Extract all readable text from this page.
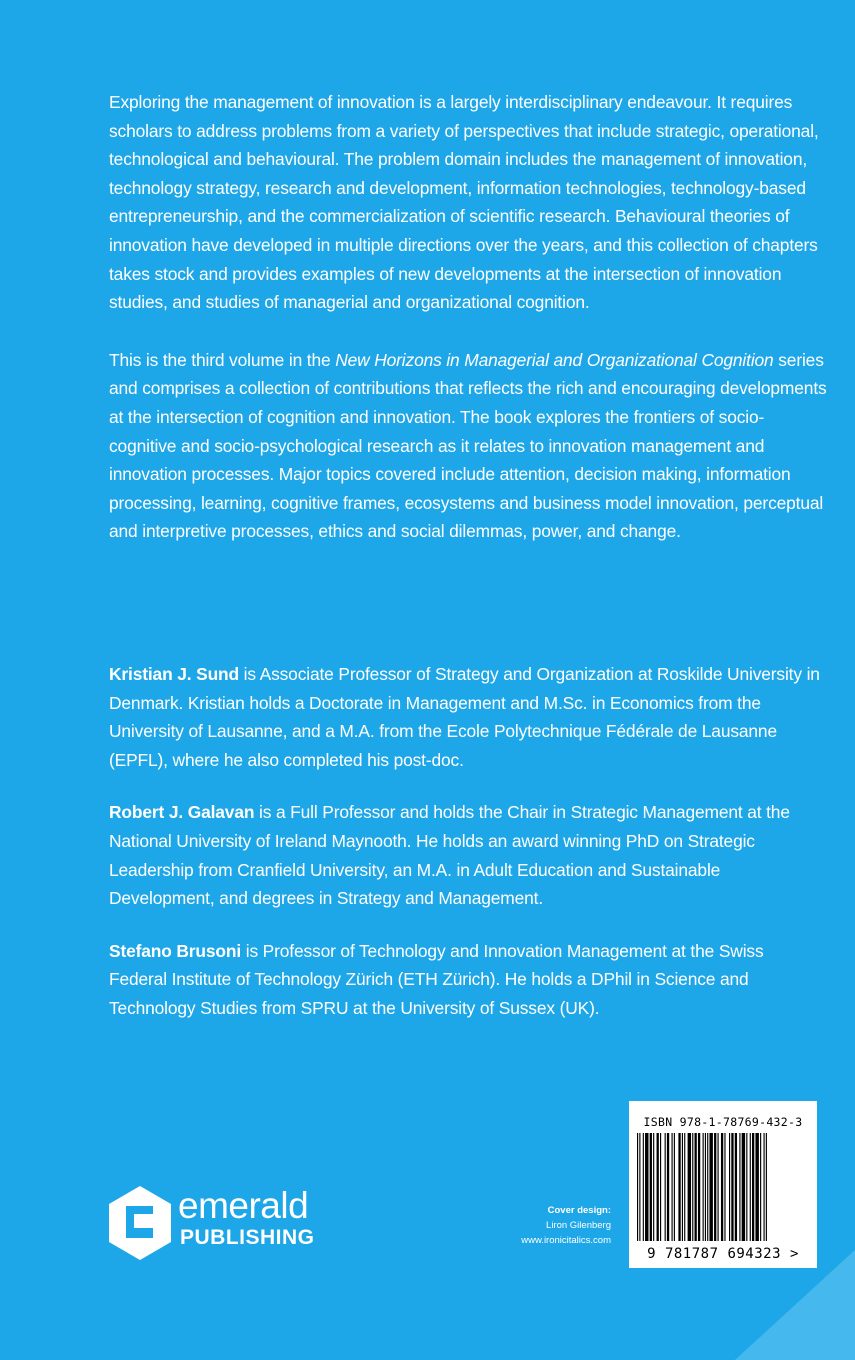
Exploring the management of innovation is a largely interdisciplinary endeavour. It requires scholars to address problems from a variety of perspectives that include strategic, operational, technological and behavioural. The problem domain includes the management of innovation, technology strategy, research and development, information technologies, technology-based entrepreneurship, and the commercialization of scientific research. Behavioural theories of innovation have developed in multiple directions over the years, and this collection of chapters takes stock and provides examples of new developments at the intersection of innovation studies, and studies of managerial and organizational cognition.

This is the third volume in the New Horizons in Managerial and Organizational Cognition series and comprises a collection of contributions that reflects the rich and encouraging developments at the intersection of cognition and innovation. The book explores the frontiers of socio-cognitive and socio-psychological research as it relates to innovation management and innovation processes. Major topics covered include attention, decision making, information processing, learning, cognitive frames, ecosystems and business model innovation, perceptual and interpretive processes, ethics and social dilemmas, power, and change.

Kristian J. Sund is Associate Professor of Strategy and Organization at Roskilde University in Denmark. Kristian holds a Doctorate in Management and M.Sc. in Economics from the University of Lausanne, and a M.A. from the Ecole Polytechnique Fédérale de Lausanne (EPFL), where he also completed his post-doc.

Robert J. Galavan is a Full Professor and holds the Chair in Strategic Management at the National University of Ireland Maynooth. He holds an award winning PhD on Strategic Leadership from Cranfield University, an M.A. in Adult Education and Sustainable Development, and degrees in Strategy and Management.

Stefano Brusoni is Professor of Technology and Innovation Management at the Swiss Federal Institute of Technology Zürich (ETH Zürich). He holds a DPhil in Science and Technology Studies from SPRU at the University of Sussex (UK).

emerald
PUBLISHING
Cover design:
Liron Gilenberg
www.ironicitalics.com
ISBN 978-1-78769-432-3
9 781787 694323 >
